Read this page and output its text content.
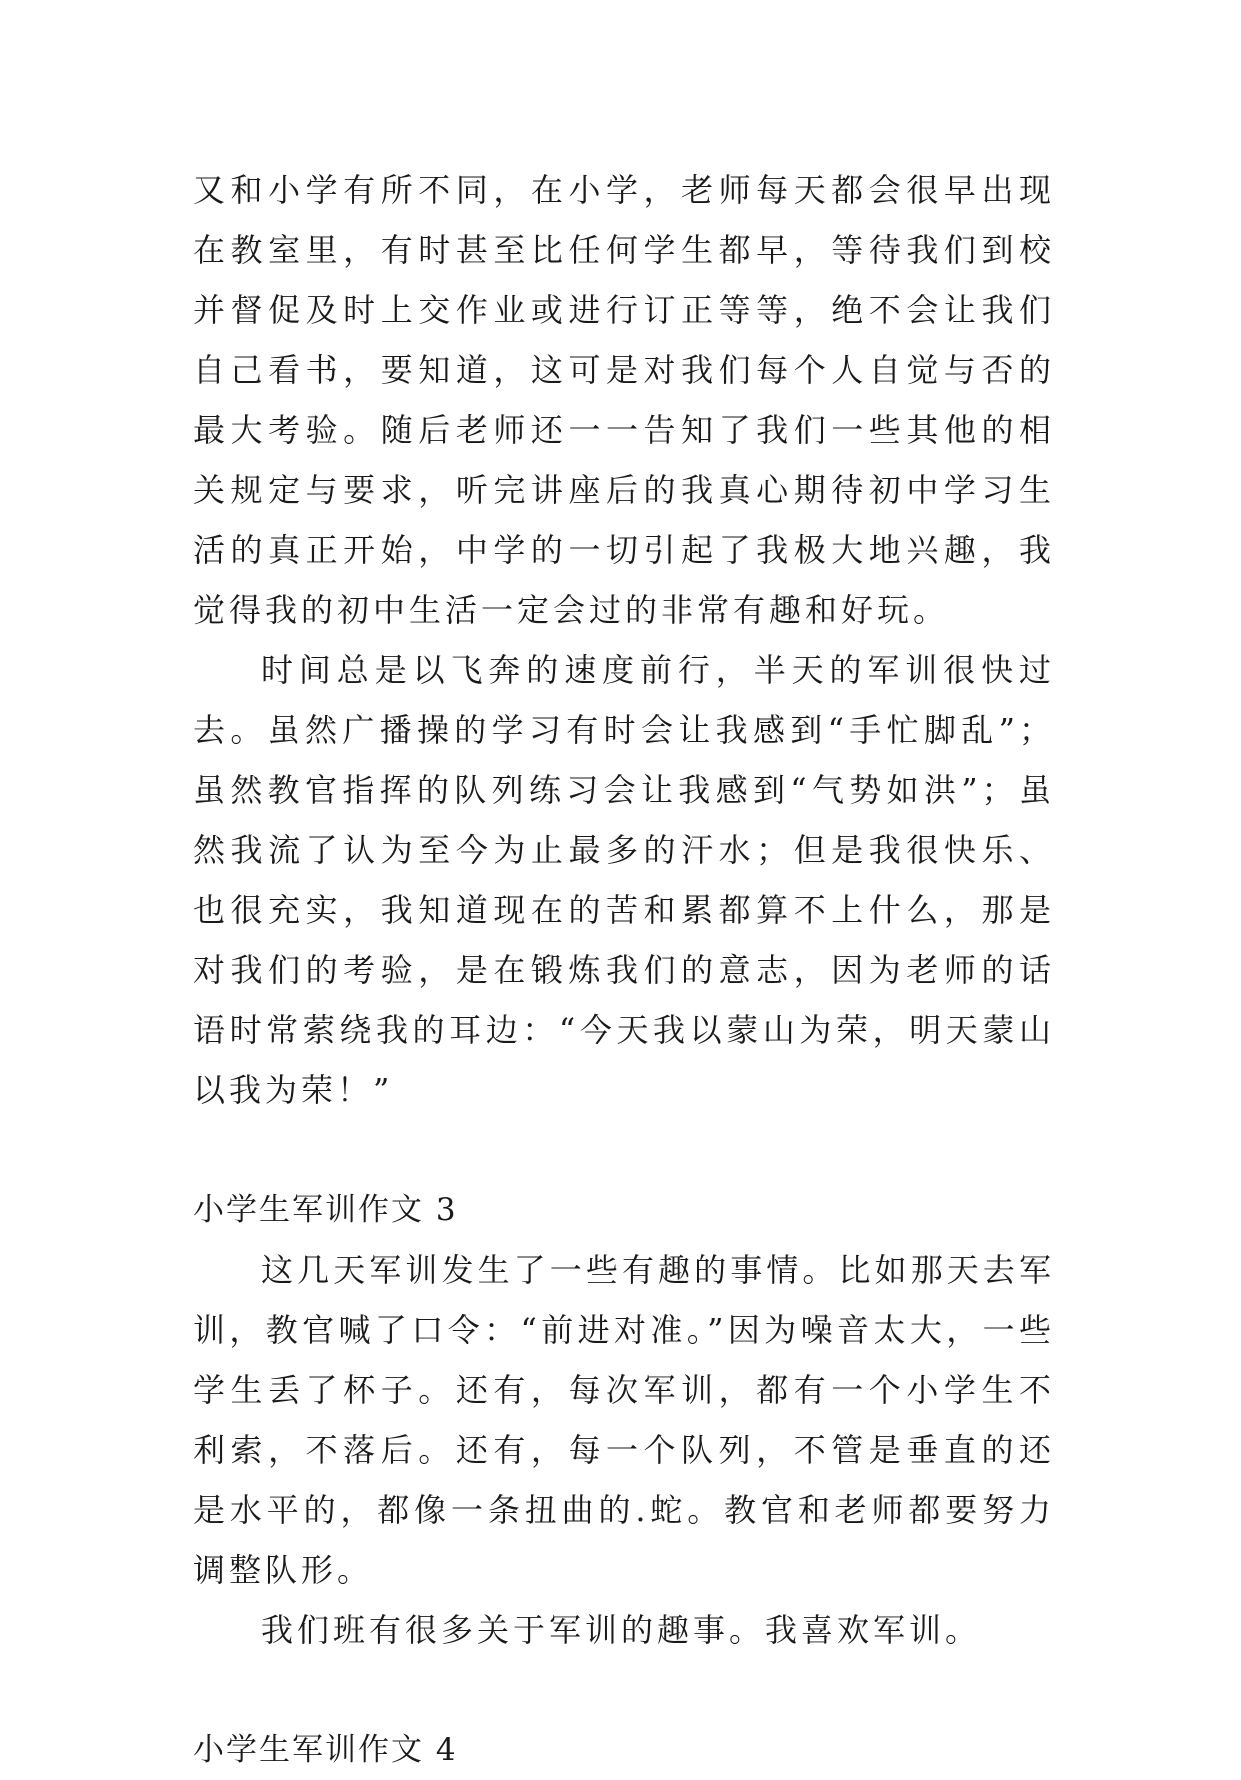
又和小学有所不同，在小学，老师每天都会很早出现在教室里，有时甚至比任何学生都早，等待我们到校并督促及时上交作业或进行订正等等，绝不会让我们自己看书，要知道，这可是对我们每个人自觉与否的最大考验。随后老师还一一告知了我们一些其他的相关规定与要求，听完讲座后的我真心期待初中学习生活的真正开始，中学的一切引起了我极大地兴趣，我觉得我的初中生活一定会过的非常有趣和好玩。

时间总是以飞奔的速度前行，半天的军训很快过去。虽然广播操的学习有时会让我感到“手忙脚乱”；虽然教官指挥的队列练习会让我感到“气势如洪”；虽然我流了认为至今为止最多的汗水；但是我很快乐、也很充实，我知道现在的苦和累都算不上什么，那是对我们的考验，是在锻炼我们的意志，因为老师的话语时常萦绕我的耳边：“今天我以蒙山为荣，明天蒙山以我为荣！”

小学生军训作文 3

这几天军训发生了一些有趣的事情。比如那天去军训，教官喊了口令：“前进对准。”因为噪音太大，一些学生丢了杯子。还有，每次军训，都有一个小学生不利索，不落后。还有，每一个队列，不管是垂直的还是水平的，都像一条扭曲的.蛇。教官和老师都要努力调整队形。

我们班有很多关于军训的趣事。我喜欢军训。

小学生军训作文 4
